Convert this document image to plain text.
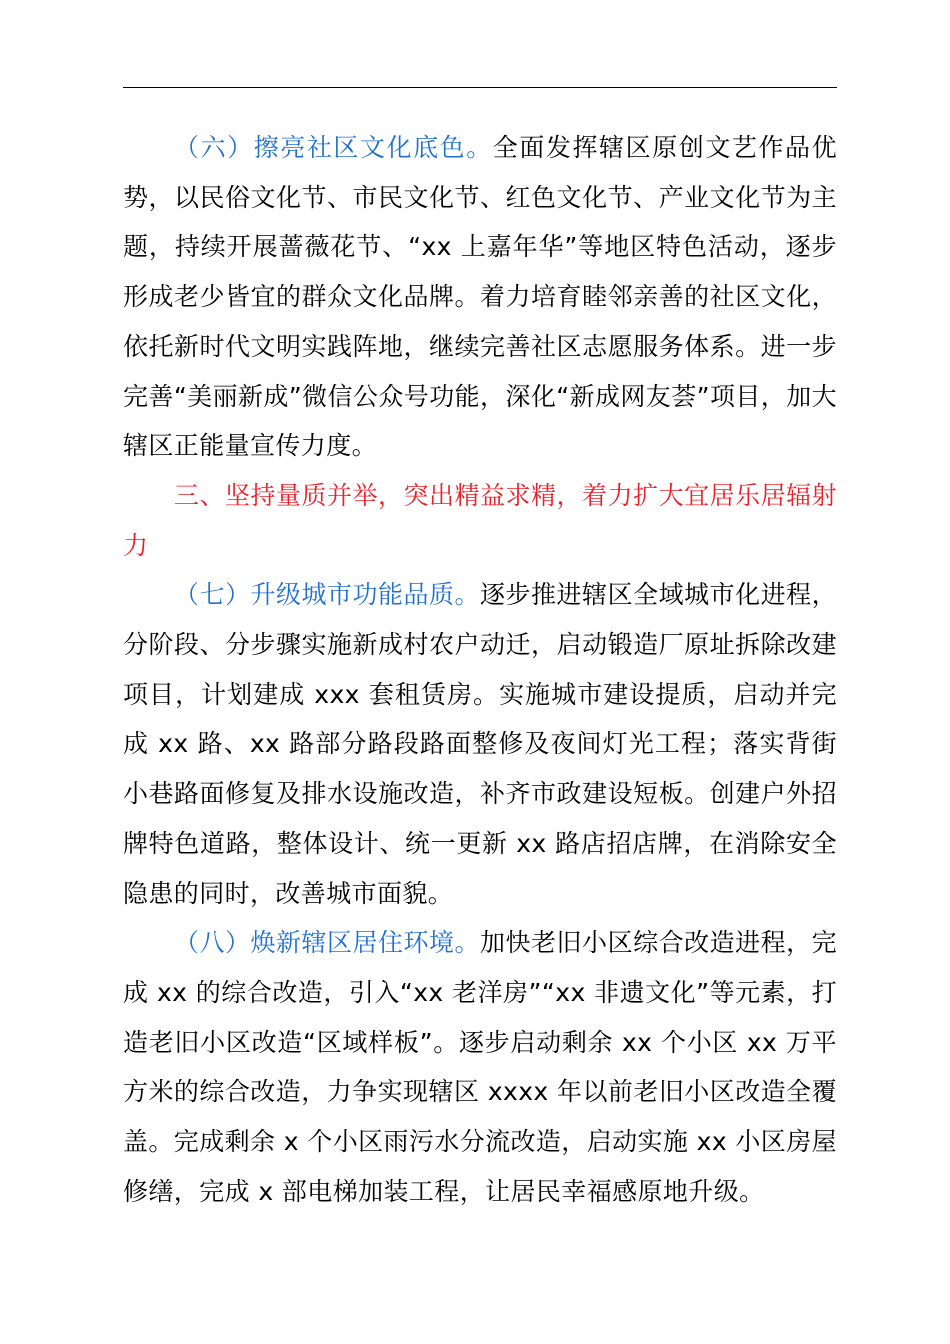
（六）擦亮社区文化底色。全面发挥辖区原创文艺作品优势，以民俗文化节、市民文化节、红色文化节、产业文化节为主题，持续开展蔷薇花节、“xx 上嘉年华”等地区特色活动，逐步形成老少皆宜的群众文化品牌。着力培育睦邻亲善的社区文化，依托新时代文明实践阵地，继续完善社区志愿服务体系。进一步完善“美丽新成”微信公众号功能，深化“新成网友荟”项目，加大辖区正能量宣传力度。

三、坚持量质并举，突出精益求精，着力扩大宜居乐居辐射力

（七）升级城市功能品质。逐步推进辖区全域城市化进程，分阶段、分步骤实施新成村农户动迁，启动锻造厂原址拆除改建项目，计划建成 xxx 套租赁房。实施城市建设提质，启动并完成 xx 路、xx 路部分路段路面整修及夜间灯光工程；落实背街小巷路面修复及排水设施改造，补齐市政建设短板。创建户外招牌特色道路，整体设计、统一更新 xx 路店招店牌，在消除安全隐患的同时，改善城市面貌。

（八）焕新辖区居住环境。加快老旧小区综合改造进程，完成 xx 的综合改造，引入“xx 老洋房”“xx 非遗文化”等元素，打造老旧小区改造“区域样板”。逐步启动剩余 xx 个小区 xx 万平方米的综合改造，力争实现辖区 xxxx 年以前老旧小区改造全覆盖。完成剩余 x 个小区雨污水分流改造，启动实施 xx 小区房屋修缮，完成 x 部电梯加装工程，让居民幸福感原地升级。
